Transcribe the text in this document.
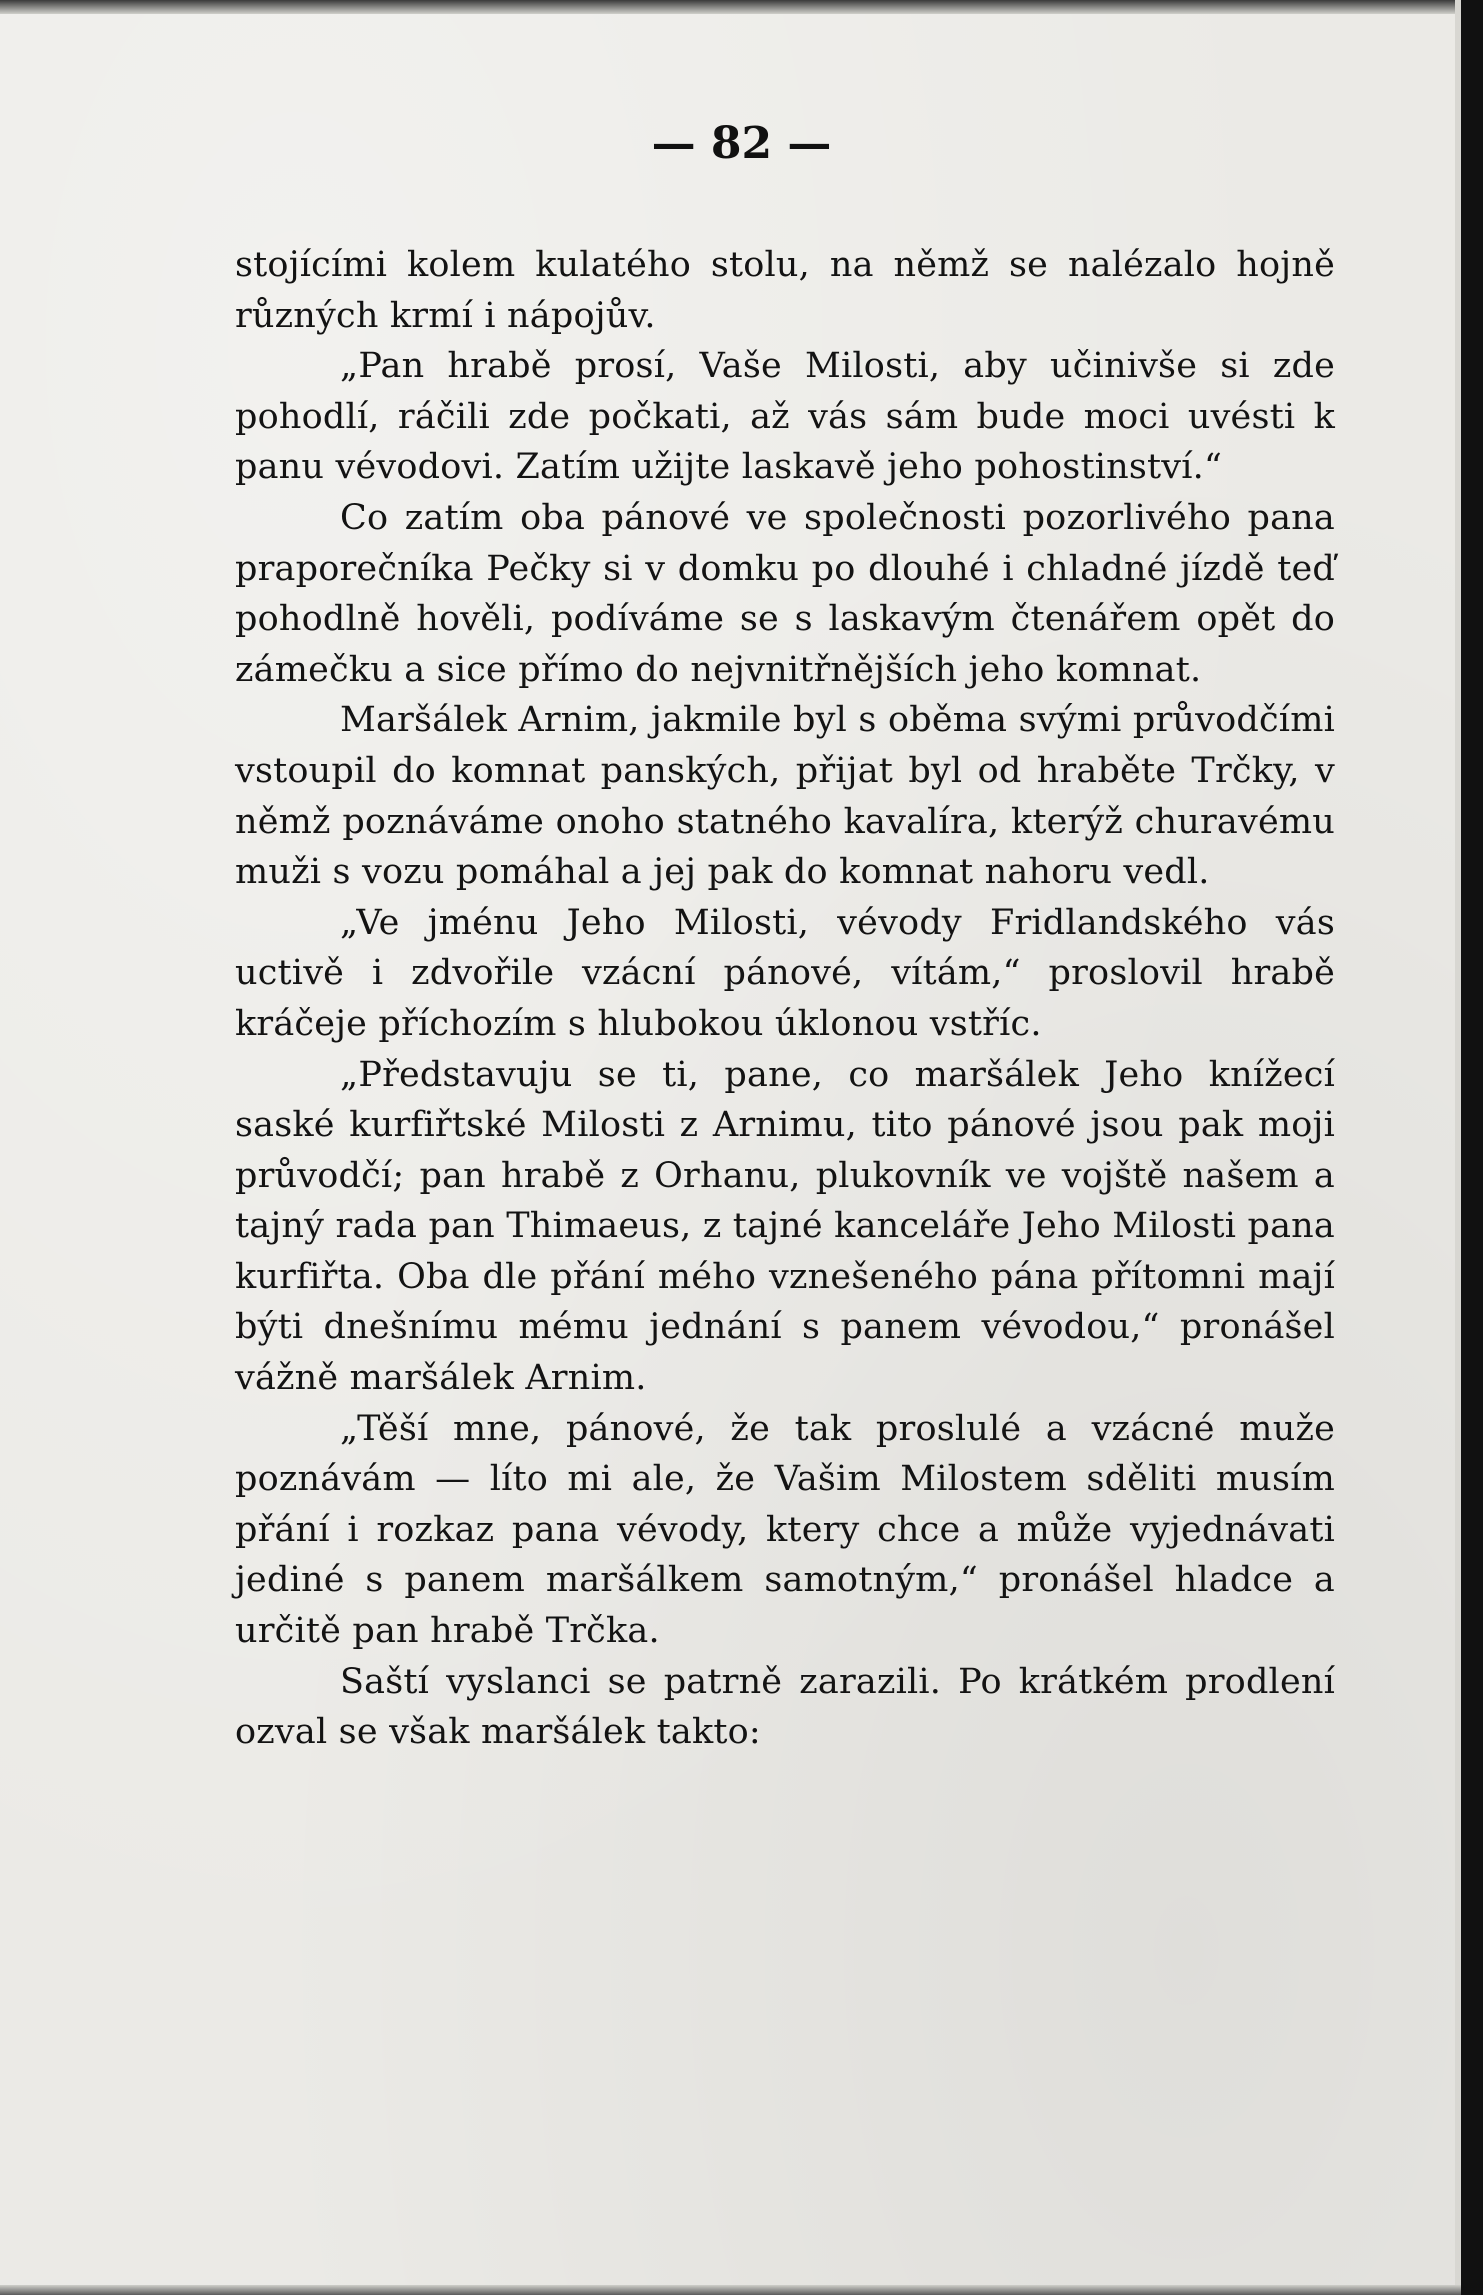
— 82 —

stojícími kolem kulatého stolu, na němž se nalézalo hojně různých krmí i nápojův.

„Pan hrabě prosí, Vaše Milosti, aby učinivše si zde pohodlí, ráčili zde počkati, až vás sám bude moci uvésti k panu vévodovi. Zatím užijte laskavě jeho pohostinství.“

Co zatím oba pánové ve společnosti pozorlivého pana praporečníka Pečky si v domku po dlouhé i chladné jízdě teď pohodlně hověli, podíváme se s laskavým čtenářem opět do zámečku a sice přímo do nejvnitřnějších jeho komnat.

Maršálek Arnim, jakmile byl s oběma svými průvodčími vstoupil do komnat panských, přijat byl od hraběte Trčky, v němž poznáváme onoho statného kavalíra, kterýž churavému muži s vozu pomáhal a jej pak do komnat nahoru vedl.

„Ve jménu Jeho Milosti, vévody Fridlandského vás uctivě i zdvořile vzácní pánové, vítám,“ proslovil hrabě kráčeje příchozím s hlubokou úklonou vstříc.

„Představuju se ti, pane, co maršálek Jeho knížecí saské kurfiřtské Milosti z Arnimu, tito pánové jsou pak moji průvodčí; pan hrabě z Orhanu, plukovník ve vojště našem a tajný rada pan Thimaeus, z tajné kanceláře Jeho Milosti pana kurfiřta. Oba dle přání mého vznešeného pána přítomni mají býti dnešnímu mému jednání s panem vévodou,“ pronášel vážně maršálek Arnim.

„Těší mne, pánové, že tak proslulé a vzácné muže poznávám — líto mi ale, že Vašim Milostem sděliti musím přání i rozkaz pana vévody, ktery chce a může vyjednávati jediné s panem maršálkem samotným,“ pronášel hladce a určitě pan hrabě Trčka.

Saští vyslanci se patrně zarazili. Po krátkém prodlení ozval se však maršálek takto:
